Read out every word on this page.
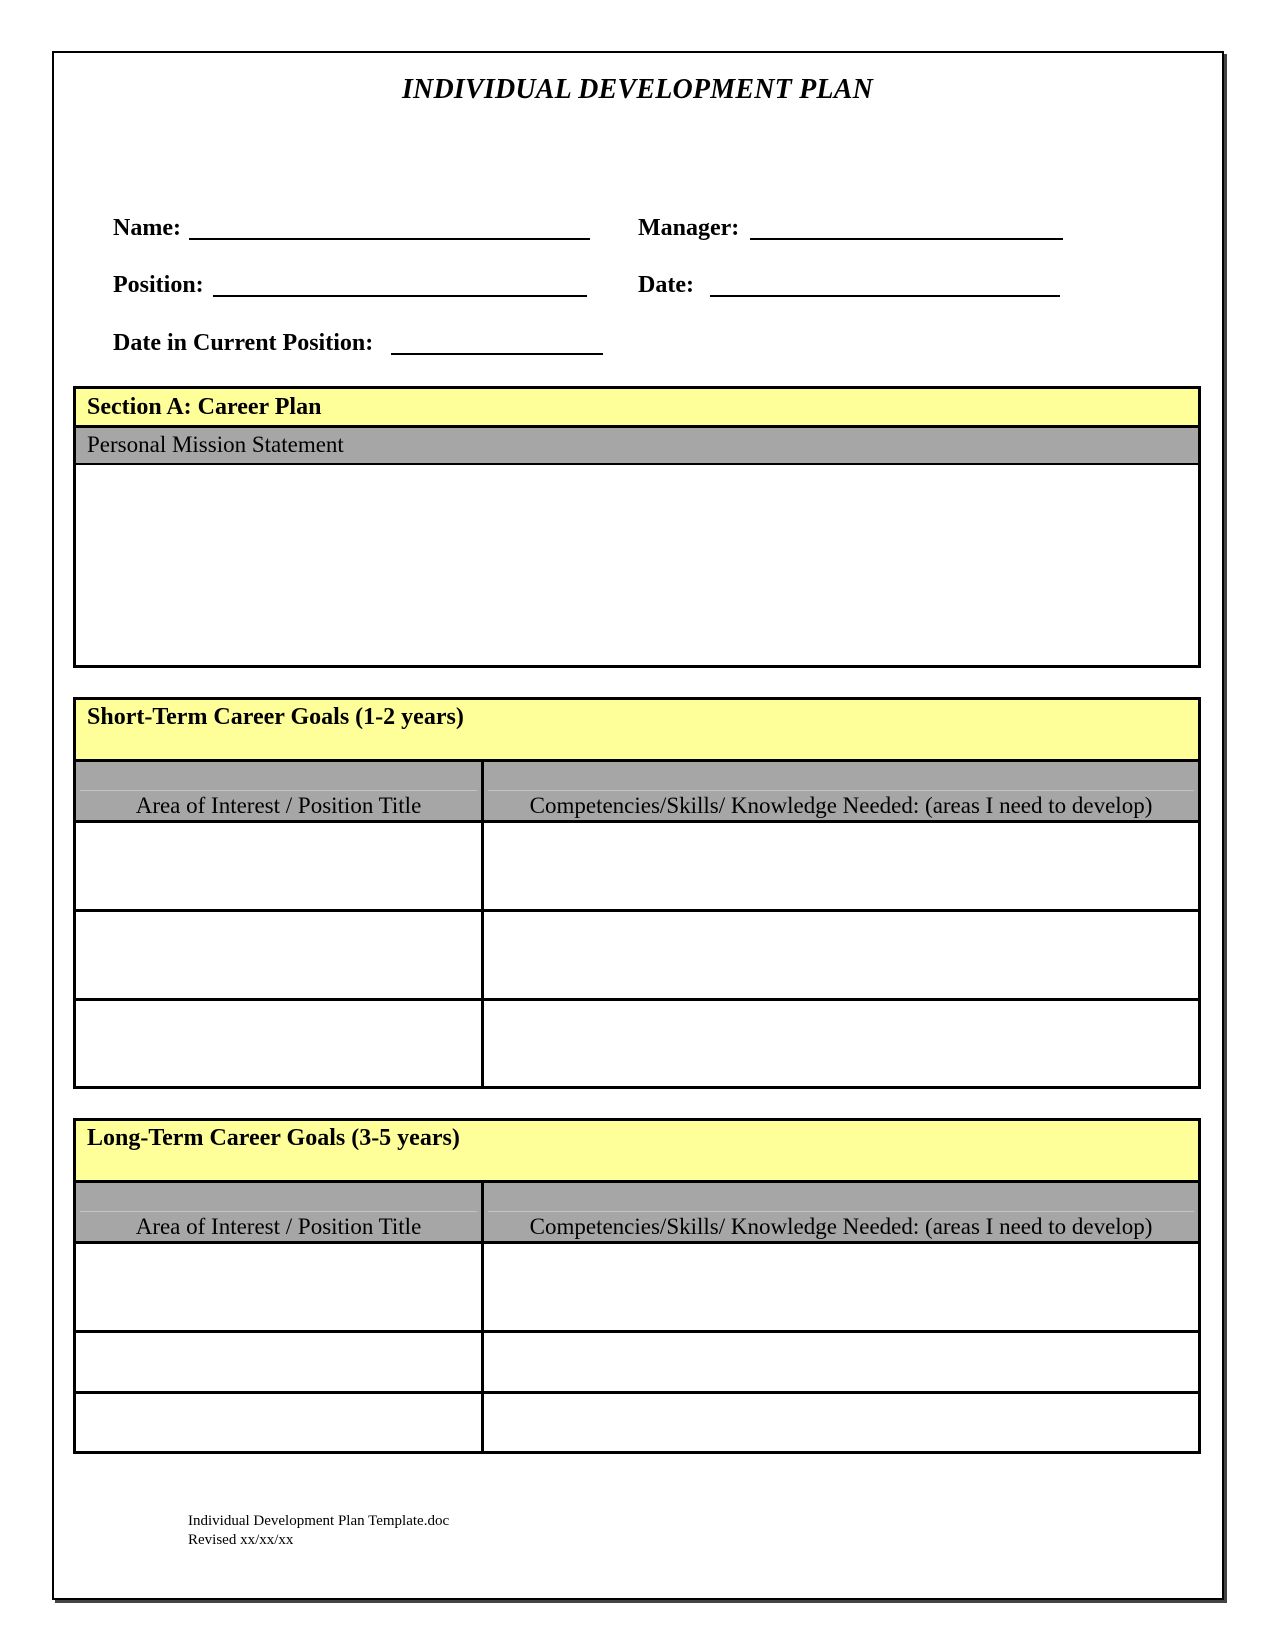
INDIVIDUAL DEVELOPMENT PLAN
Name:	Manager:
Position:	Date:
Date in Current Position:
Section A: Career Plan
Personal Mission Statement
Short-Term Career Goals (1-2 years)
Area of Interest / Position Title	Competencies/Skills/ Knowledge Needed: (areas I need to develop)
Long-Term Career Goals (3-5 years)
Area of Interest / Position Title	Competencies/Skills/ Knowledge Needed: (areas I need to develop)
Individual Development Plan Template.doc
Revised xx/xx/xx
